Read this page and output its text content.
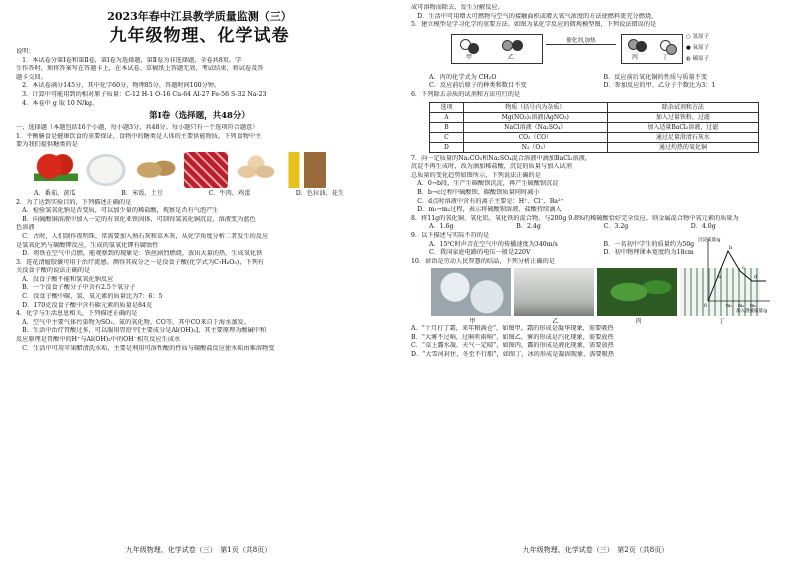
2023年春中江县教学质量监测（三）
九年级物理、化学试卷
说明：
　1．本试卷分第Ⅰ卷和第Ⅱ卷，第Ⅰ卷为选择题，第Ⅱ卷为非选择题，全卷共8页。学
生作答时，须将答案写在答题卡上，在本试卷、草稿纸上答题无效，考试结束，将试卷及答
题卡交回。
　2．本试卷满分145分，其中化学60分，物理85分，答题时间100分钟。
　3．计算中可能用到的相对原子质量：C-12 H-1 O-16 Cu-64 Al-27 Fe-56 S-32 Na-23
　4．本卷中 g 取 10 N/kg。
第Ⅰ卷（选择题，共48分）
一、选择题（本题包括16个小题，每小题3分，共48分。每小题只有一个选项符合题意）
1．平衡膳食是健康饮食的重要保证，食物中的糖类是人体的主要供能物质。下列食物中主
要为我们提供糖类的是
A．番茄、黄瓜	B．米饭、土豆	C．牛肉、鸡蛋	D．色拉油、花生
2．为了达到实验目的，下列描述正确的是
　A．检验氢氧化钠是否变质，可以加少量的稀盐酸，观察是否有气泡产生
　B．向硫酸铜溶液中加入一定的有氧化亚铁固体，可制得氢氧化铜沉淀，溶液变为蓝色
色溶液
　C．古时，人们制作夜明珠，常需要加入熟石灰和草木灰，从化学角度分析二者发生的反应
是氢氧化钙与碳酸钾反应，生成的氢氧化钾有腐蚀性
　D．将铁在空气中点燃，能观察到的现象是：铁丝剧烈燃烧，放出大量的热，生成氧化铁
3．连花清瘟胶囊可用于治疗流感。测得其成分之一是没食子酸(化学式为C₇H₆O₅)，下列有
关没食子酸的说法正确的是
　A．没食子酸不能和氢氧化钠反应
　B．一个没食子酸分子中含有2.5个氧分子
　C．没食子酸中碳、氢、氧元素的质量比为7：6：5
　D．170克没食子酸中含有碳元素的质量是84克
4．化学与生活息息相关，下列描述正确的是
　A．空气中主要气体污染物为SO₂、氮的氧化物、CO等，其中CO来自于海水蒸发。
　B．生活中治疗胃酸过多，可以服用胃舒平[主要成分是Al(OH)₃]，其主要原理为酸碱中和
反应原理是胃酸中的H⁺与Al(OH)₃中的OH⁻相互反应生成水
　C．生活中可用苹果醋清洗水垢，主要是利用可溶性酸的性质与碳酸盐反应使水垢由难溶物变
九年级物理、化学试卷（三）　第1页（共8页）
成可溶物而除去，发生分解反应。
　D．生活中可用增大可燃物与空气的接触面积或增大氧气浓度的方法使燃料更充分燃烧。
5．建立模型是学习化学的重要方法。如图为某化学反应的微观模型图，下列说法错误的是
甲	乙
催化剂,加热
丙	丁
○ 氢原子
● 氧原子
◍ 碳原子
A．丙的化学式为 CH₂O	B．反应前后氧化铜的性质与质量不变
C．反应前后原子的种类和数目不变	D．参加反应的甲、乙分子个数比为3：1
6．下列除去杂质的试剂和方法可行的是
选项	物质（括号内为杂质）	除杂试剂和方法
A	Mg(NO₃)₂溶液(AgNO₃)	加入过量铁粉，过滤
B	NaCl溶液（Na₂SO₄）	加入适量BaCl₂溶液，过滤
C	CO₂（CO）	通过足量澄清石灰水
D	N₂（O₂）	通过灼热的氧化铜
7．向一定质量的Na₂CO₃和Na₂SO₄混合溶液中滴加BaCl₂溶液，
沉淀不再生成时，改为滴加稀盐酸，沉淀的质量与加入试剂
总质量的变化趋势如图所示，下列说法正确的是
　A．0→b段，生产生碳酸钡沉淀，再产生硫酸钡沉淀
　B．b→c过程中硫酸钡、碳酸钡质量同时减小
　C．d点时溶液中含有的离子主要是：H⁺、Cl⁻、Ba²⁺
　D．m₁→m₂过程，表示将硫酸钡溶液、盐酸持续滴入
a
b
c
d
0	m₁ m₂ m₃
加入溶液质量/g
沉淀质量/g
8．将11g的氧化铜、氧化铝、氧化铁的混合物，与200g 9.8%的稀硫酸恰好完全反应，则金属混合物中氧元素的质量为
A．1.6g	B．2.4g	C．3.2g	D．4.0g
9．以下描述与实际不符的是
A．15℃时声音在空气中的传播速度为340m/s	B．一名初中学生的质量约为50g
C．我国家庭电路的电压一般是220V	D．初中物理课本宽度约为18cm
10．谚语是劳动人民智慧的结晶，下列分析正确的是
甲	乙	丙	丁
A．“十月打了霜，来年粮满仓”，如图甲，霜的形成是凝华现象，需要吸热
B．“大雾不过晌，过晌听雨响”，如图乙，雾的形成是汽化现象，需要放热
C．“草上露水凝，天气一定晴”，如图丙，露的形成是液化现象，需要放热
D．“大雪河封住，冬至不行船”，如图丁，冰的形成是凝固现象，需要吸热
九年级物理、化学试卷（三）　第2页（共8页）
